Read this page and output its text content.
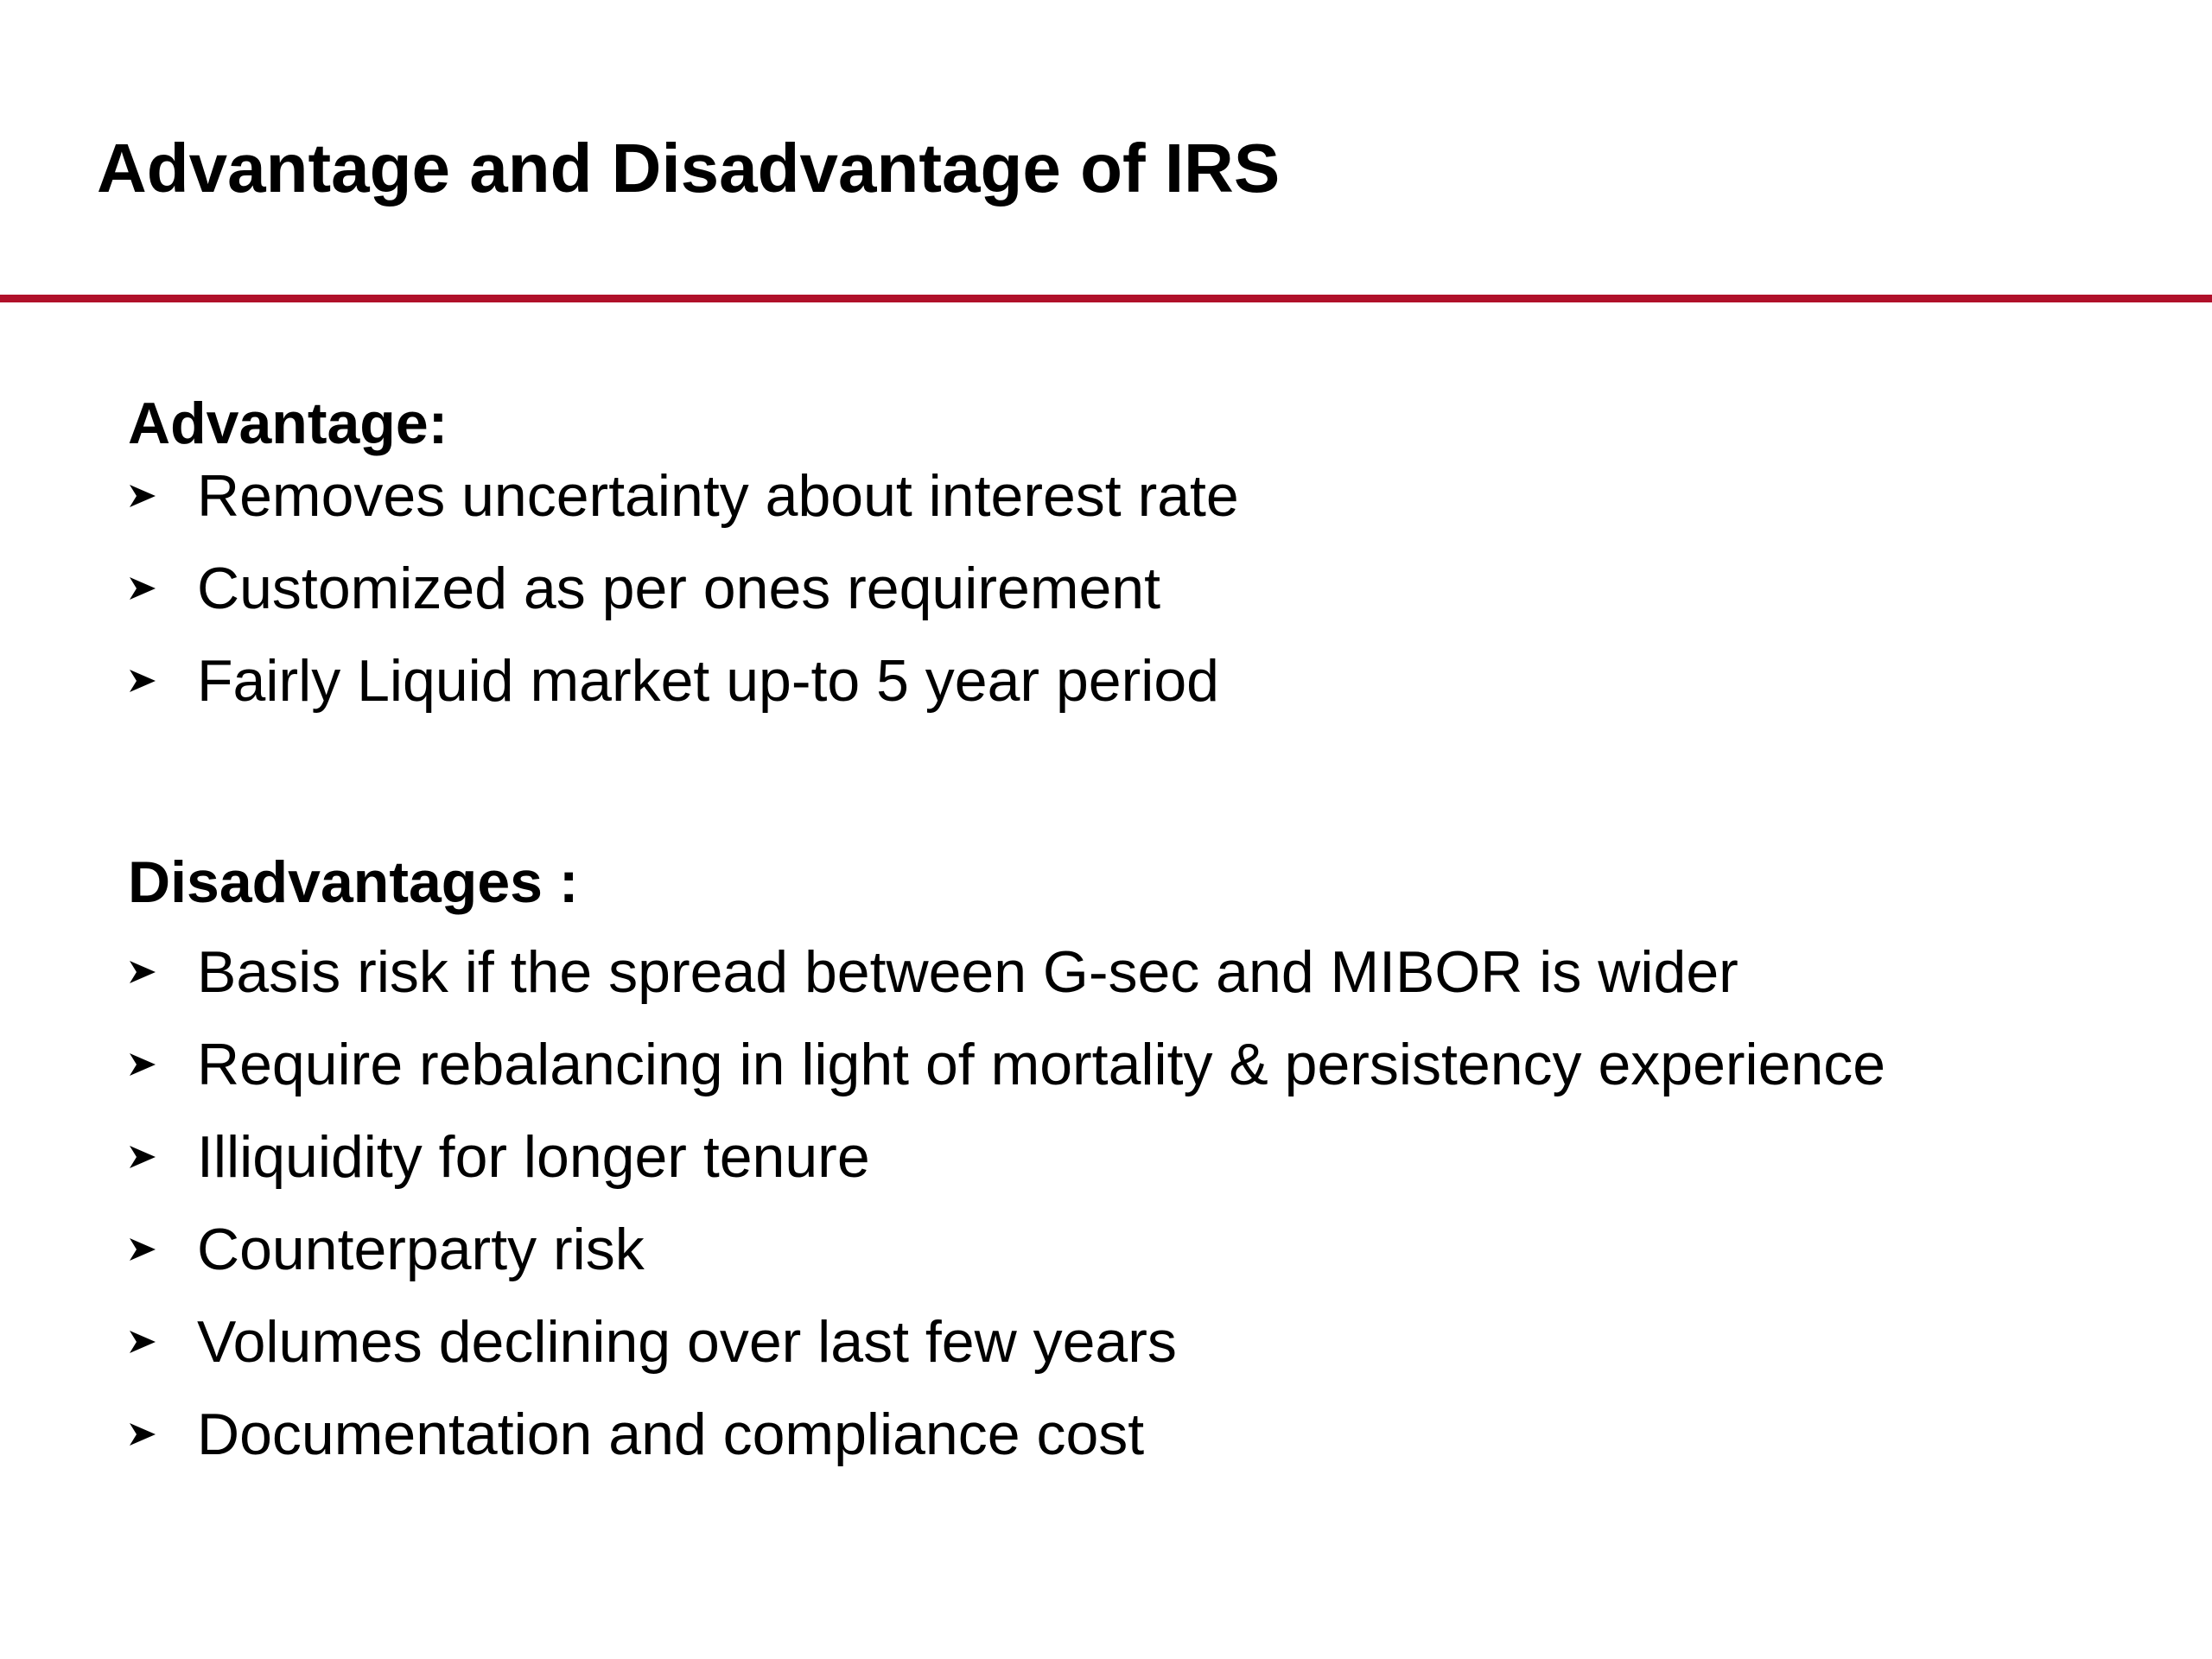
Advantage and Disadvantage of IRS
Advantage:
Removes uncertainty about interest rate
Customized as per ones requirement
Fairly Liquid market up-to 5 year period
Disadvantages :
Basis risk if the spread between G-sec and MIBOR is wider
Require rebalancing in light of mortality & persistency experience
Illiquidity for longer tenure
Counterparty risk
Volumes declining over last few years
Documentation and compliance cost
